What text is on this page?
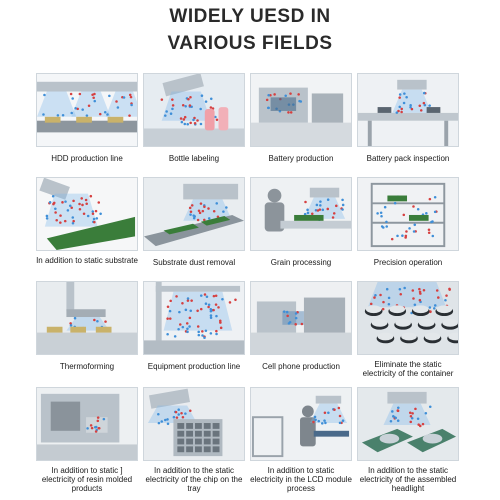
WIDELY UESD IN
VARIOUS FIELDS
HDD production line	Bottle labeling	Battery production	Battery pack inspection
In addition to static substrate	Substrate dust removal	Grain processing	Precision operation
Thermoforming	Equipment production line	Cell phone production	Eliminate the static electricity of the container
In addition to static ] electricity of resin molded products
In addition to the static electricity of the chip on the tray
In addition to static electricity in the LCD module process
In addition to the static electricity of the assembled headlight
